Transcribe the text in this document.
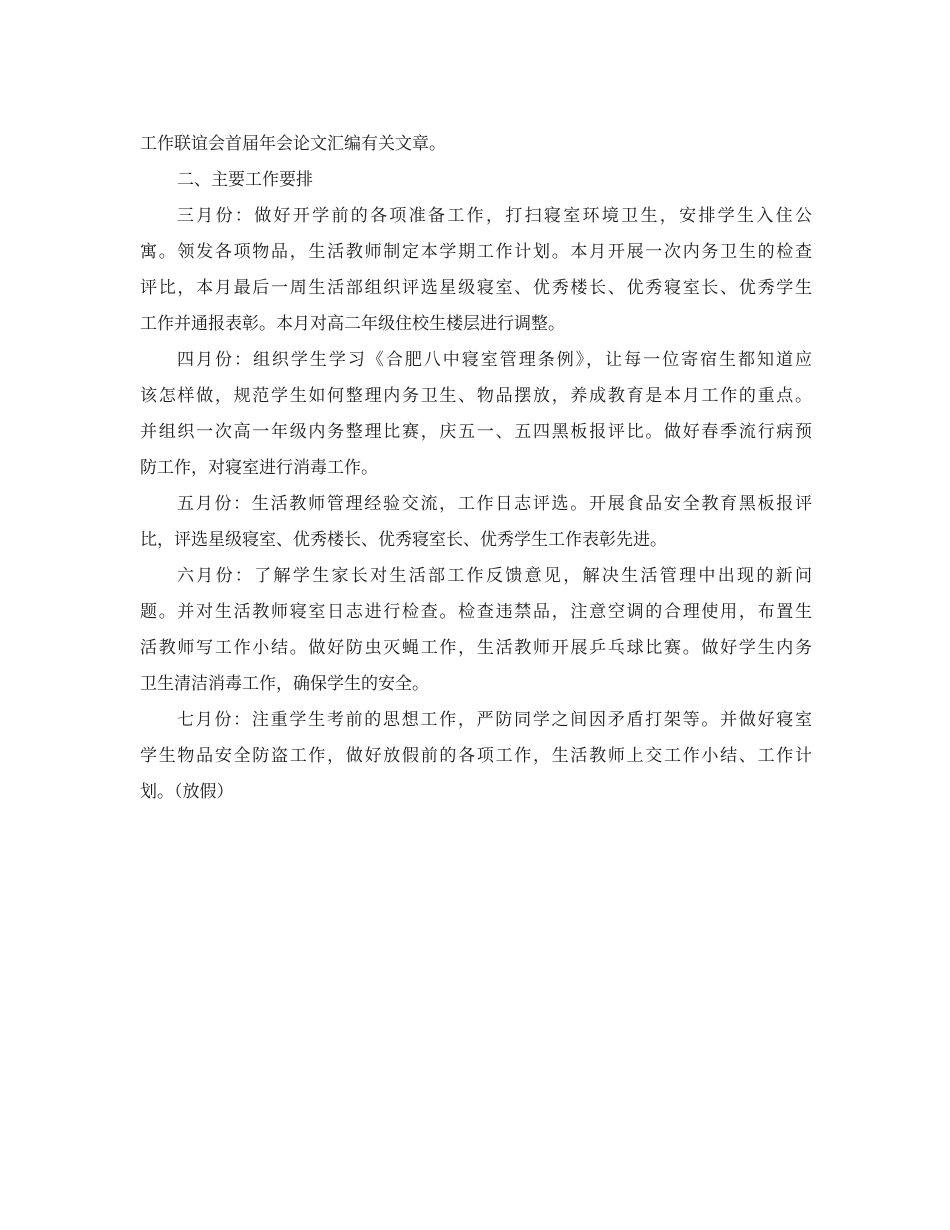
工作联谊会首届年会论文汇编有关文章。
二、主要工作要排
三月份：做好开学前的各项准备工作，打扫寝室环境卫生，安排学生入住公
寓。领发各项物品，生活教师制定本学期工作计划。本月开展一次内务卫生的检查
评比，本月最后一周生活部组织评选星级寝室、优秀楼长、优秀寝室长、优秀学生
工作并通报表彰。本月对高二年级住校生楼层进行调整。
四月份：组织学生学习《合肥八中寝室管理条例》，让每一位寄宿生都知道应
该怎样做，规范学生如何整理内务卫生、物品摆放，养成教育是本月工作的重点。
并组织一次高一年级内务整理比赛，庆五一、五四黑板报评比。做好春季流行病预
防工作，对寝室进行消毒工作。
五月份：生活教师管理经验交流，工作日志评选。开展食品安全教育黑板报评
比，评选星级寝室、优秀楼长、优秀寝室长、优秀学生工作表彰先进。
六月份：了解学生家长对生活部工作反馈意见，解决生活管理中出现的新问
题。并对生活教师寝室日志进行检查。检查违禁品，注意空调的合理使用，布置生
活教师写工作小结。做好防虫灭蝇工作，生活教师开展乒乓球比赛。做好学生内务
卫生清洁消毒工作，确保学生的安全。
七月份：注重学生考前的思想工作，严防同学之间因矛盾打架等。并做好寝室
学生物品安全防盗工作，做好放假前的各项工作，生活教师上交工作小结、工作计
划。（放假）
